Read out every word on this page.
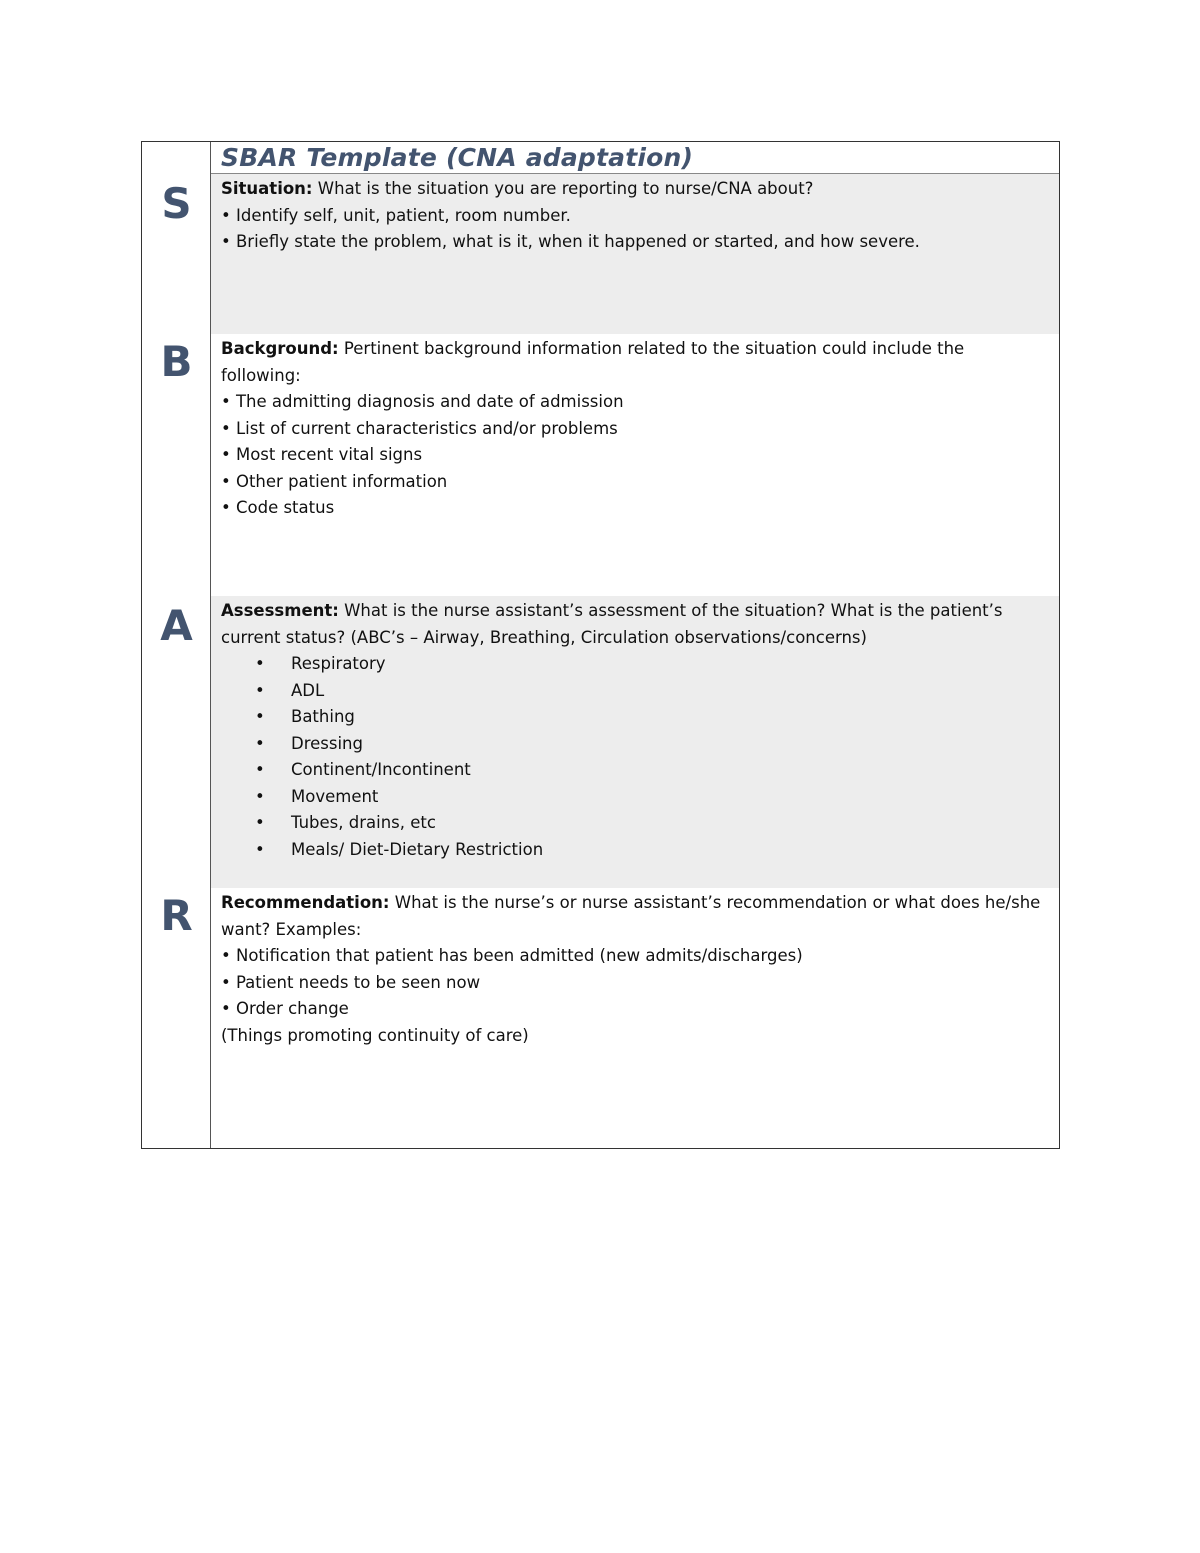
SBAR Template (CNA adaptation)
S	Situation: What is the situation you are reporting to nurse/CNA about?
• Identify self, unit, patient, room number.
• Briefly state the problem, what is it, when it happened or started, and how severe.
B	Background: Pertinent background information related to the situation could include the following:
• The admitting diagnosis and date of admission
• List of current characteristics and/or problems
• Most recent vital signs
• Other patient information
• Code status
A	Assessment: What is the nurse assistant’s assessment of the situation? What is the patient’s current status? (ABC’s – Airway, Breathing, Circulation observations/concerns)
• Respiratory
• ADL
• Bathing
• Dressing
• Continent/Incontinent
• Movement
• Tubes, drains, etc
• Meals/ Diet-Dietary Restriction
R	Recommendation: What is the nurse’s or nurse assistant’s recommendation or what does he/she want? Examples:
• Notification that patient has been admitted (new admits/discharges)
• Patient needs to be seen now
• Order change
(Things promoting continuity of care)
